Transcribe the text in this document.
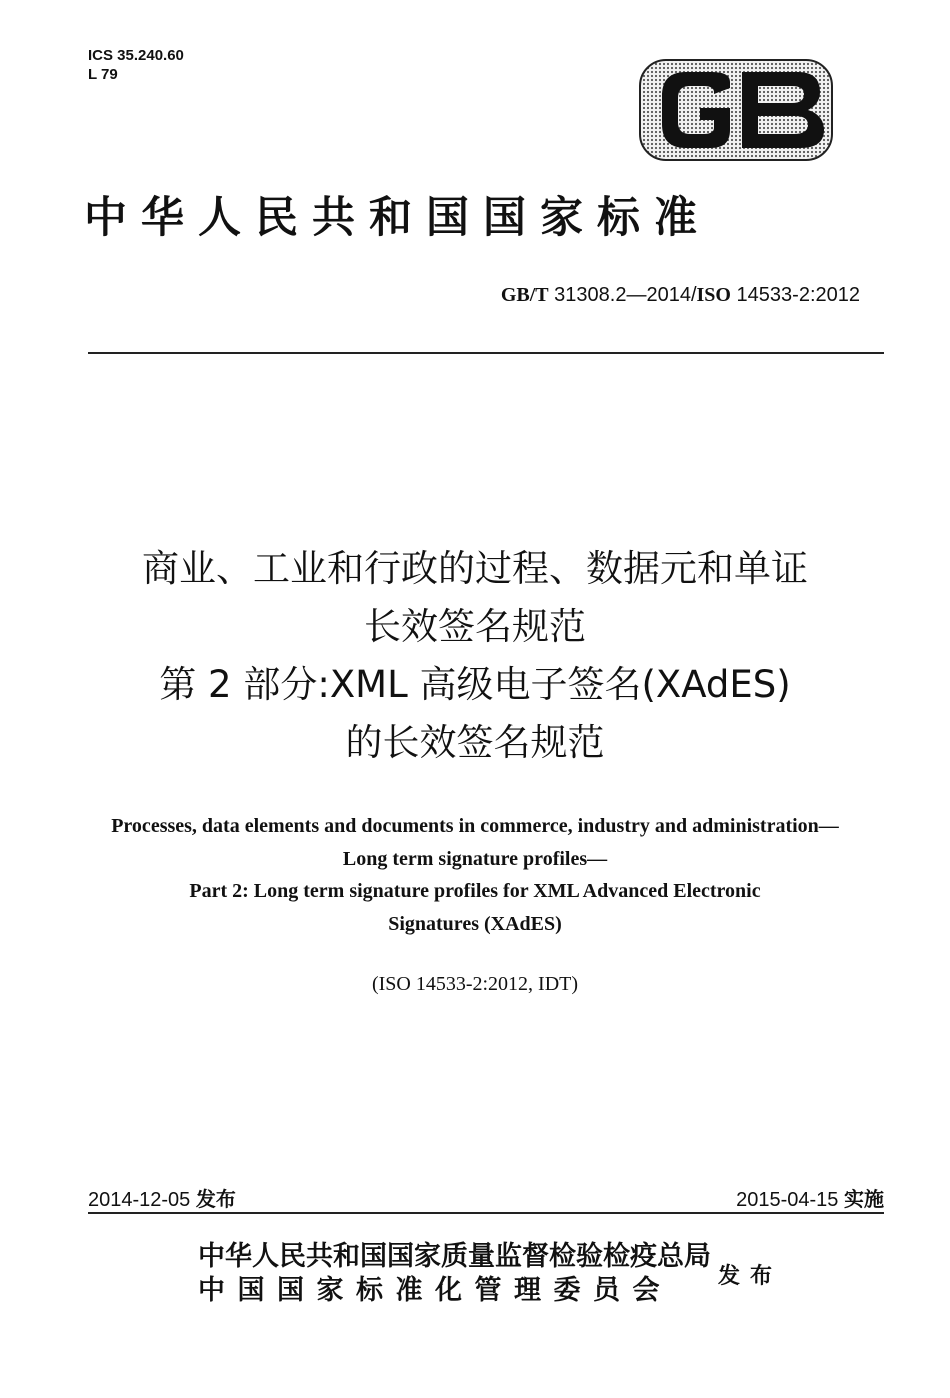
ICS 35.240.60
L 79
中华人民共和国国家标准
GB/T 31308.2—2014/ISO 14533-2:2012
商业、工业和行政的过程、数据元和单证
长效签名规范
第 2 部分:XML 高级电子签名(XAdES)
的长效签名规范
Processes, data elements and documents in commerce, industry and administration—
Long term signature profiles—
Part 2: Long term signature profiles for XML Advanced Electronic
Signatures (XAdES)
(ISO 14533-2:2012, IDT)
2014-12-05 发布	2015-04-15 实施
中华人民共和国国家质量监督检验检疫总局
中国国家标准化管理委员会	发布
